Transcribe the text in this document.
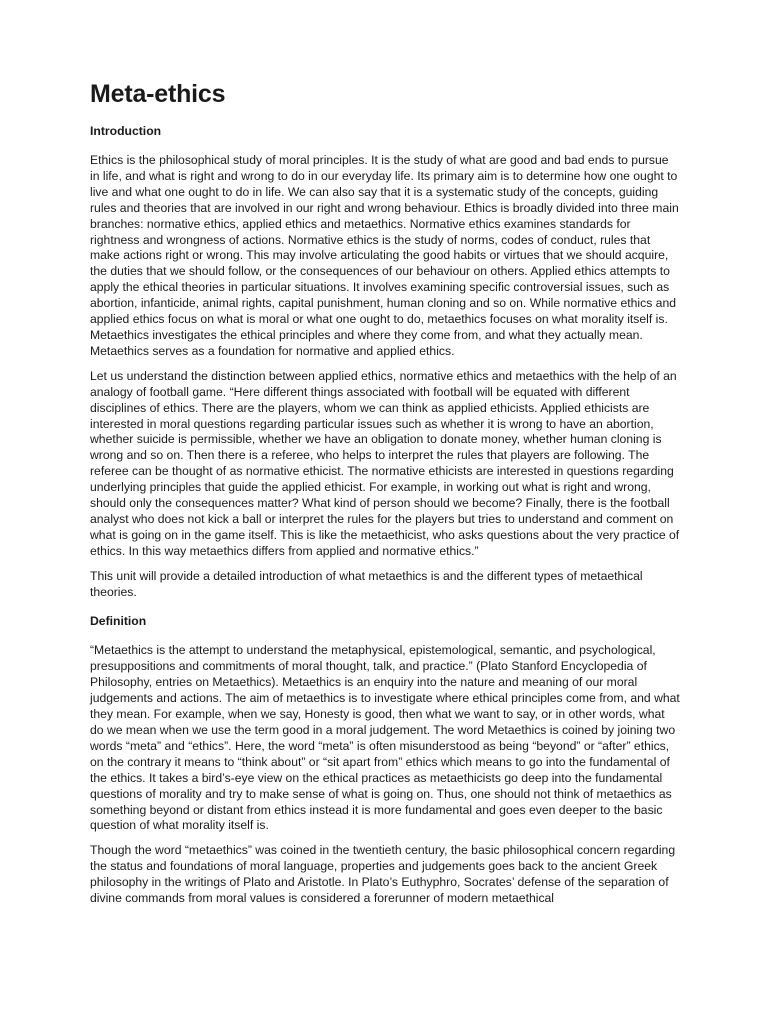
Meta-ethics
Introduction

Ethics is the philosophical study of moral principles. It is the study of what are good and bad ends to pursue in life, and what is right and wrong to do in our everyday life. Its primary aim is to determine how one ought to live and what one ought to do in life. We can also say that it is a systematic study of the concepts, guiding rules and theories that are involved in our right and wrong behaviour. Ethics is broadly divided into three main branches: normative ethics, applied ethics and metaethics. Normative ethics examines standards for rightness and wrongness of actions. Normative ethics is the study of norms, codes of conduct, rules that make actions right or wrong. This may involve articulating the good habits or virtues that we should acquire, the duties that we should follow, or the consequences of our behaviour on others. Applied ethics attempts to apply the ethical theories in particular situations. It involves examining specific controversial issues, such as abortion, infanticide, animal rights, capital punishment, human cloning and so on. While normative ethics and applied ethics focus on what is moral or what one ought to do, metaethics focuses on what morality itself is. Metaethics investigates the ethical principles and where they come from, and what they actually mean. Metaethics serves as a foundation for normative and applied ethics.

Let us understand the distinction between applied ethics, normative ethics and metaethics with the help of an analogy of football game. “Here different things associated with football will be equated with different disciplines of ethics. There are the players, whom we can think as applied ethicists. Applied ethicists are interested in moral questions regarding particular issues such as whether it is wrong to have an abortion, whether suicide is permissible, whether we have an obligation to donate money, whether human cloning is wrong and so on. Then there is a referee, who helps to interpret the rules that players are following. The referee can be thought of as normative ethicist. The normative ethicists are interested in questions regarding underlying principles that guide the applied ethicist. For example, in working out what is right and wrong, should only the consequences matter? What kind of person should we become? Finally, there is the football analyst who does not kick a ball or interpret the rules for the players but tries to understand and comment on what is going on in the game itself. This is like the metaethicist, who asks questions about the very practice of ethics. In this way metaethics differs from applied and normative ethics.”

This unit will provide a detailed introduction of what metaethics is and the different types of metaethical theories.

Definition

“Metaethics is the attempt to understand the metaphysical, epistemological, semantic, and psychological, presuppositions and commitments of moral thought, talk, and practice.” (Plato Stanford Encyclopedia of Philosophy, entries on Metaethics). Metaethics is an enquiry into the nature and meaning of our moral judgements and actions. The aim of metaethics is to investigate where ethical principles come from, and what they mean. For example, when we say, Honesty is good, then what we want to say, or in other words, what do we mean when we use the term good in a moral judgement. The word Metaethics is coined by joining two words “meta” and “ethics”. Here, the word “meta” is often misunderstood as being “beyond” or “after” ethics, on the contrary it means to “think about” or “sit apart from” ethics which means to go into the fundamental of the ethics. It takes a bird’s-eye view on the ethical practices as metaethicists go deep into the fundamental questions of morality and try to make sense of what is going on. Thus, one should not think of metaethics as something beyond or distant from ethics instead it is more fundamental and goes even deeper to the basic question of what morality itself is.

Though the word “metaethics” was coined in the twentieth century, the basic philosophical concern regarding the status and foundations of moral language, properties and judgements goes back to the ancient Greek philosophy in the writings of Plato and Aristotle. In Plato’s Euthyphro, Socrates’ defense of the separation of divine commands from moral values is considered a forerunner of modern metaethical
